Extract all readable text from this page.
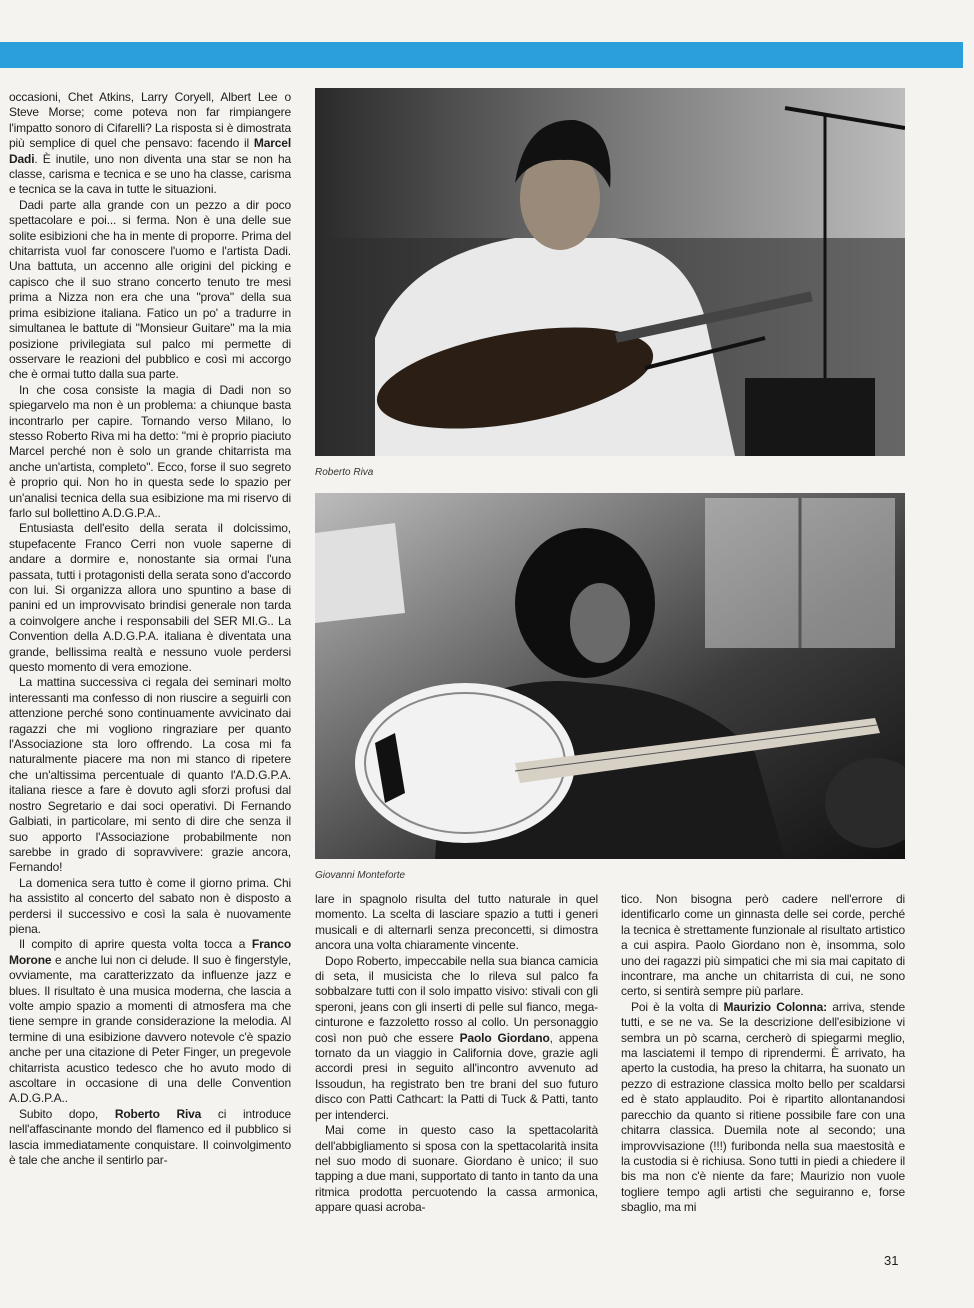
occasioni, Chet Atkins, Larry Coryell, Albert Lee o Steve Morse; come poteva non far rimpiangere l'impatto sonoro di Cifarelli? La risposta si è dimostrata più semplice di quel che pensavo: facendo il Marcel Dadi. È inutile, uno non diventa una star se non ha classe, carisma e tecnica e se uno ha classe, carisma e tecnica se la cava in tutte le situazioni.

Dadi parte alla grande con un pezzo a dir poco spettacolare e poi... si ferma. Non è una delle sue solite esibizioni che ha in mente di proporre. Prima del chitarrista vuol far conoscere l'uomo e l'artista Dadi. Una battuta, un accenno alle origini del picking e capisco che il suo strano concerto tenuto tre mesi prima a Nizza non era che una "prova" della sua prima esibizione italiana. Fatico un po' a tradurre in simultanea le battute di "Monsieur Guitare" ma la mia posizione privilegiata sul palco mi permette di osservare le reazioni del pubblico e così mi accorgo che è ormai tutto dalla sua parte.

In che cosa consiste la magia di Dadi non so spiegarvelo ma non è un problema: a chiunque basta incontrarlo per capire. Tornando verso Milano, lo stesso Roberto Riva mi ha detto: "mi è proprio piaciuto Marcel perché non è solo un grande chitarrista ma anche un'artista, completo". Ecco, forse il suo segreto è proprio qui. Non ho in questa sede lo spazio per un'analisi tecnica della sua esibizione ma mi riservo di farlo sul bollettino A.D.G.P.A..

Entusiasta dell'esito della serata il dolcissimo, stupefacente Franco Cerri non vuole saperne di andare a dormire e, nonostante sia ormai l'una passata, tutti i protagonisti della serata sono d'accordo con lui. Si organizza allora uno spuntino a base di panini ed un improvvisato brindisi generale non tarda a coinvolgere anche i responsabili del SER MI.G.. La Convention della A.D.G.P.A. italiana è diventata una grande, bellissima realtà e nessuno vuole perdersi questo momento di vera emozione.

La mattina successiva ci regala dei seminari molto interessanti ma confesso di non riuscire a seguirli con attenzione perché sono continuamente avvicinato dai ragazzi che mi vogliono ringraziare per quanto l'Associazione sta loro offrendo. La cosa mi fa naturalmente piacere ma non mi stanco di ripetere che un'altissima percentuale di quanto l'A.D.G.P.A. italiana riesce a fare è dovuto agli sforzi profusi dal nostro Segretario e dai soci operativi. Di Fernando Galbiati, in particolare, mi sento di dire che senza il suo apporto l'Associazione probabilmente non sarebbe in grado di sopravvivere: grazie ancora, Fernando!

La domenica sera tutto è come il giorno prima. Chi ha assistito al concerto del sabato non è disposto a perdersi il successivo e così la sala è nuovamente piena.

Il compito di aprire questa volta tocca a Franco Morone e anche lui non ci delude. Il suo è fingerstyle, ovviamente, ma caratterizzato da influenze jazz e blues. Il risultato è una musica moderna, che lascia a volte ampio spazio a momenti di atmosfera ma che tiene sempre in grande considerazione la melodia. Al termine di una esibizione davvero notevole c'è spazio anche per una citazione di Peter Finger, un pregevole chitarrista acustico tedesco che ho avuto modo di ascoltare in occasione di una delle Convention A.D.G.P.A..

Subito dopo, Roberto Riva ci introduce nell'affascinante mondo del flamenco ed il pubblico si lascia immediatamente conquistare. Il coinvolgimento è tale che anche il sentirlo par-

Roberto Riva
Giovanni Monteforte

lare in spagnolo risulta del tutto naturale in quel momento. La scelta di lasciare spazio a tutti i generi musicali e di alternarli senza preconcetti, si dimostra ancora una volta chiaramente vincente.

Dopo Roberto, impeccabile nella sua bianca camicia di seta, il musicista che lo rileva sul palco fa sobbalzare tutti con il solo impatto visivo: stivali con gli speroni, jeans con gli inserti di pelle sul fianco, mega-cinturone e fazzoletto rosso al collo. Un personaggio così non può che essere Paolo Giordano, appena tornato da un viaggio in California dove, grazie agli accordi presi in seguito all'incontro avvenuto ad Issoudun, ha registrato ben tre brani del suo futuro disco con Patti Cathcart: la Patti di Tuck & Patti, tanto per intenderci.

Mai come in questo caso la spettacolarità dell'abbigliamento si sposa con la spettacolarità insita nel suo modo di suonare. Giordano è unico; il suo tapping a due mani, supportato di tanto in tanto da una ritmica prodotta percuotendo la cassa armonica, appare quasi acroba-

tico. Non bisogna però cadere nell'errore di identificarlo come un ginnasta delle sei corde, perché la tecnica è strettamente funzionale al risultato artistico a cui aspira. Paolo Giordano non è, insomma, solo uno dei ragazzi più simpatici che mi sia mai capitato di incontrare, ma anche un chitarrista di cui, ne sono certo, si sentirà sempre più parlare.

Poi è la volta di Maurizio Colonna: arriva, stende tutti, e se ne va. Se la descrizione dell'esibizione vi sembra un pò scarna, cercherò di spiegarmi meglio, ma lasciatemi il tempo di riprendermi. È arrivato, ha aperto la custodia, ha preso la chitarra, ha suonato un pezzo di estrazione classica molto bello per scaldarsi ed è stato applaudito. Poi è ripartito allontanandosi parecchio da quanto si ritiene possibile fare con una chitarra classica. Duemila note al secondo; una improvvisazione (!!!) furibonda nella sua maestosità e la custodia si è richiusa. Sono tutti in piedi a chiedere il bis ma non c'è niente da fare; Maurizio non vuole togliere tempo agli artisti che seguiranno e, forse sbaglio, ma mi

31
